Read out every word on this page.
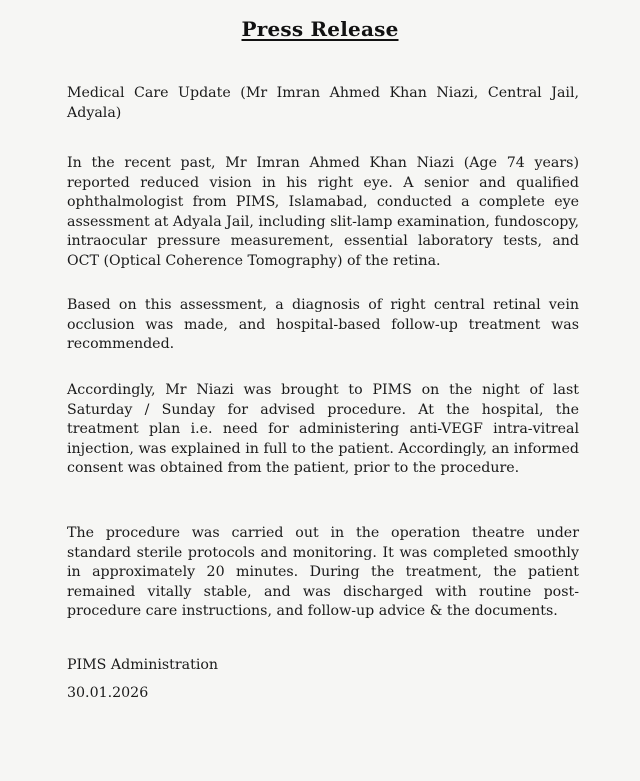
Press Release

Medical Care Update (Mr Imran Ahmed Khan Niazi, Central Jail, Adyala)

In the recent past, Mr Imran Ahmed Khan Niazi (Age 74 years) reported reduced vision in his right eye. A senior and qualified ophthalmologist from PIMS, Islamabad, conducted a complete eye assessment at Adyala Jail, including slit-lamp examination, fundoscopy, intraocular pressure measurement, essential laboratory tests, and OCT (Optical Coherence Tomography) of the retina.

Based on this assessment, a diagnosis of right central retinal vein occlusion was made, and hospital-based follow-up treatment was recommended.

Accordingly, Mr Niazi was brought to PIMS on the night of last Saturday / Sunday for advised procedure. At the hospital, the treatment plan i.e. need for administering anti-VEGF intra-vitreal injection, was explained in full to the patient. Accordingly, an informed consent was obtained from the patient, prior to the procedure.

The procedure was carried out in the operation theatre under standard sterile protocols and monitoring. It was completed smoothly in approximately 20 minutes. During the treatment, the patient remained vitally stable, and was discharged with routine post-procedure care instructions, and follow-up advice & the documents.

PIMS Administration
30.01.2026
